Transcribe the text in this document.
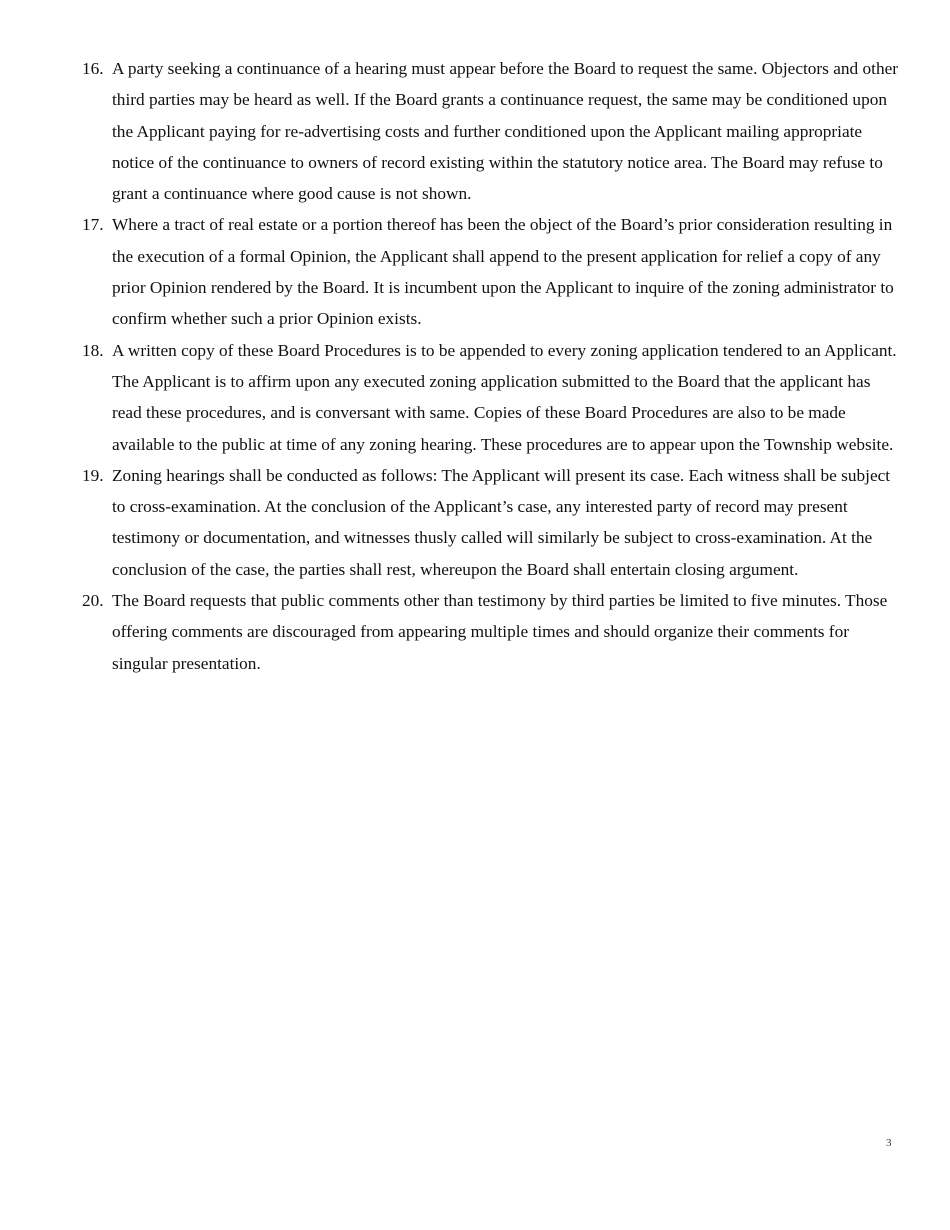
16. A party seeking a continuance of a hearing must appear before the Board to request the same. Objectors and other third parties may be heard as well. If the Board grants a continuance request, the same may be conditioned upon the Applicant paying for re-advertising costs and further conditioned upon the Applicant mailing appropriate notice of the continuance to owners of record existing within the statutory notice area. The Board may refuse to grant a continuance where good cause is not shown.
17. Where a tract of real estate or a portion thereof has been the object of the Board’s prior consideration resulting in the execution of a formal Opinion, the Applicant shall append to the present application for relief a copy of any prior Opinion rendered by the Board. It is incumbent upon the Applicant to inquire of the zoning administrator to confirm whether such a prior Opinion exists.
18. A written copy of these Board Procedures is to be appended to every zoning application tendered to an Applicant. The Applicant is to affirm upon any executed zoning application submitted to the Board that the applicant has read these procedures, and is conversant with same. Copies of these Board Procedures are also to be made available to the public at time of any zoning hearing. These procedures are to appear upon the Township website.
19. Zoning hearings shall be conducted as follows: The Applicant will present its case. Each witness shall be subject to cross-examination. At the conclusion of the Applicant’s case, any interested party of record may present testimony or documentation, and witnesses thusly called will similarly be subject to cross-examination. At the conclusion of the case, the parties shall rest, whereupon the Board shall entertain closing argument.
20. The Board requests that public comments other than testimony by third parties be limited to five minutes. Those offering comments are discouraged from appearing multiple times and should organize their comments for singular presentation.
3
